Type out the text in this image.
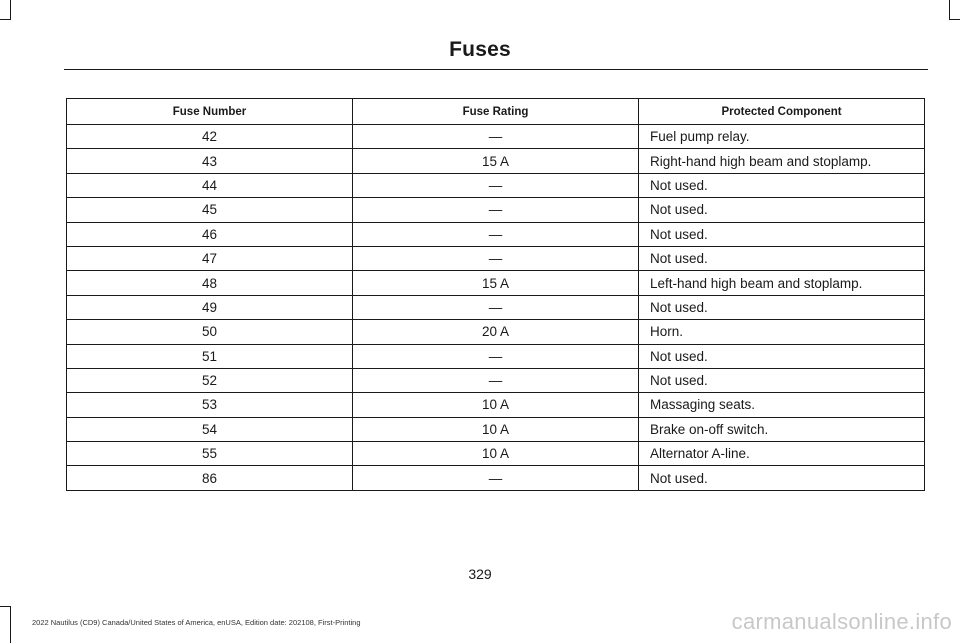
Fuses
Fuse Number	Fuse Rating	Protected Component
42	—	Fuel pump relay.
43	15 A	Right-hand high beam and stoplamp.
44	—	Not used.
45	—	Not used.
46	—	Not used.
47	—	Not used.
48	15 A	Left-hand high beam and stoplamp.
49	—	Not used.
50	20 A	Horn.
51	—	Not used.
52	—	Not used.
53	10 A	Massaging seats.
54	10 A	Brake on-off switch.
55	10 A	Alternator A-line.
86	—	Not used.
329
2022 Nautilus (CD9) Canada/United States of America, enUSA, Edition date: 202108, First-Printing	carmanualsonline.info
